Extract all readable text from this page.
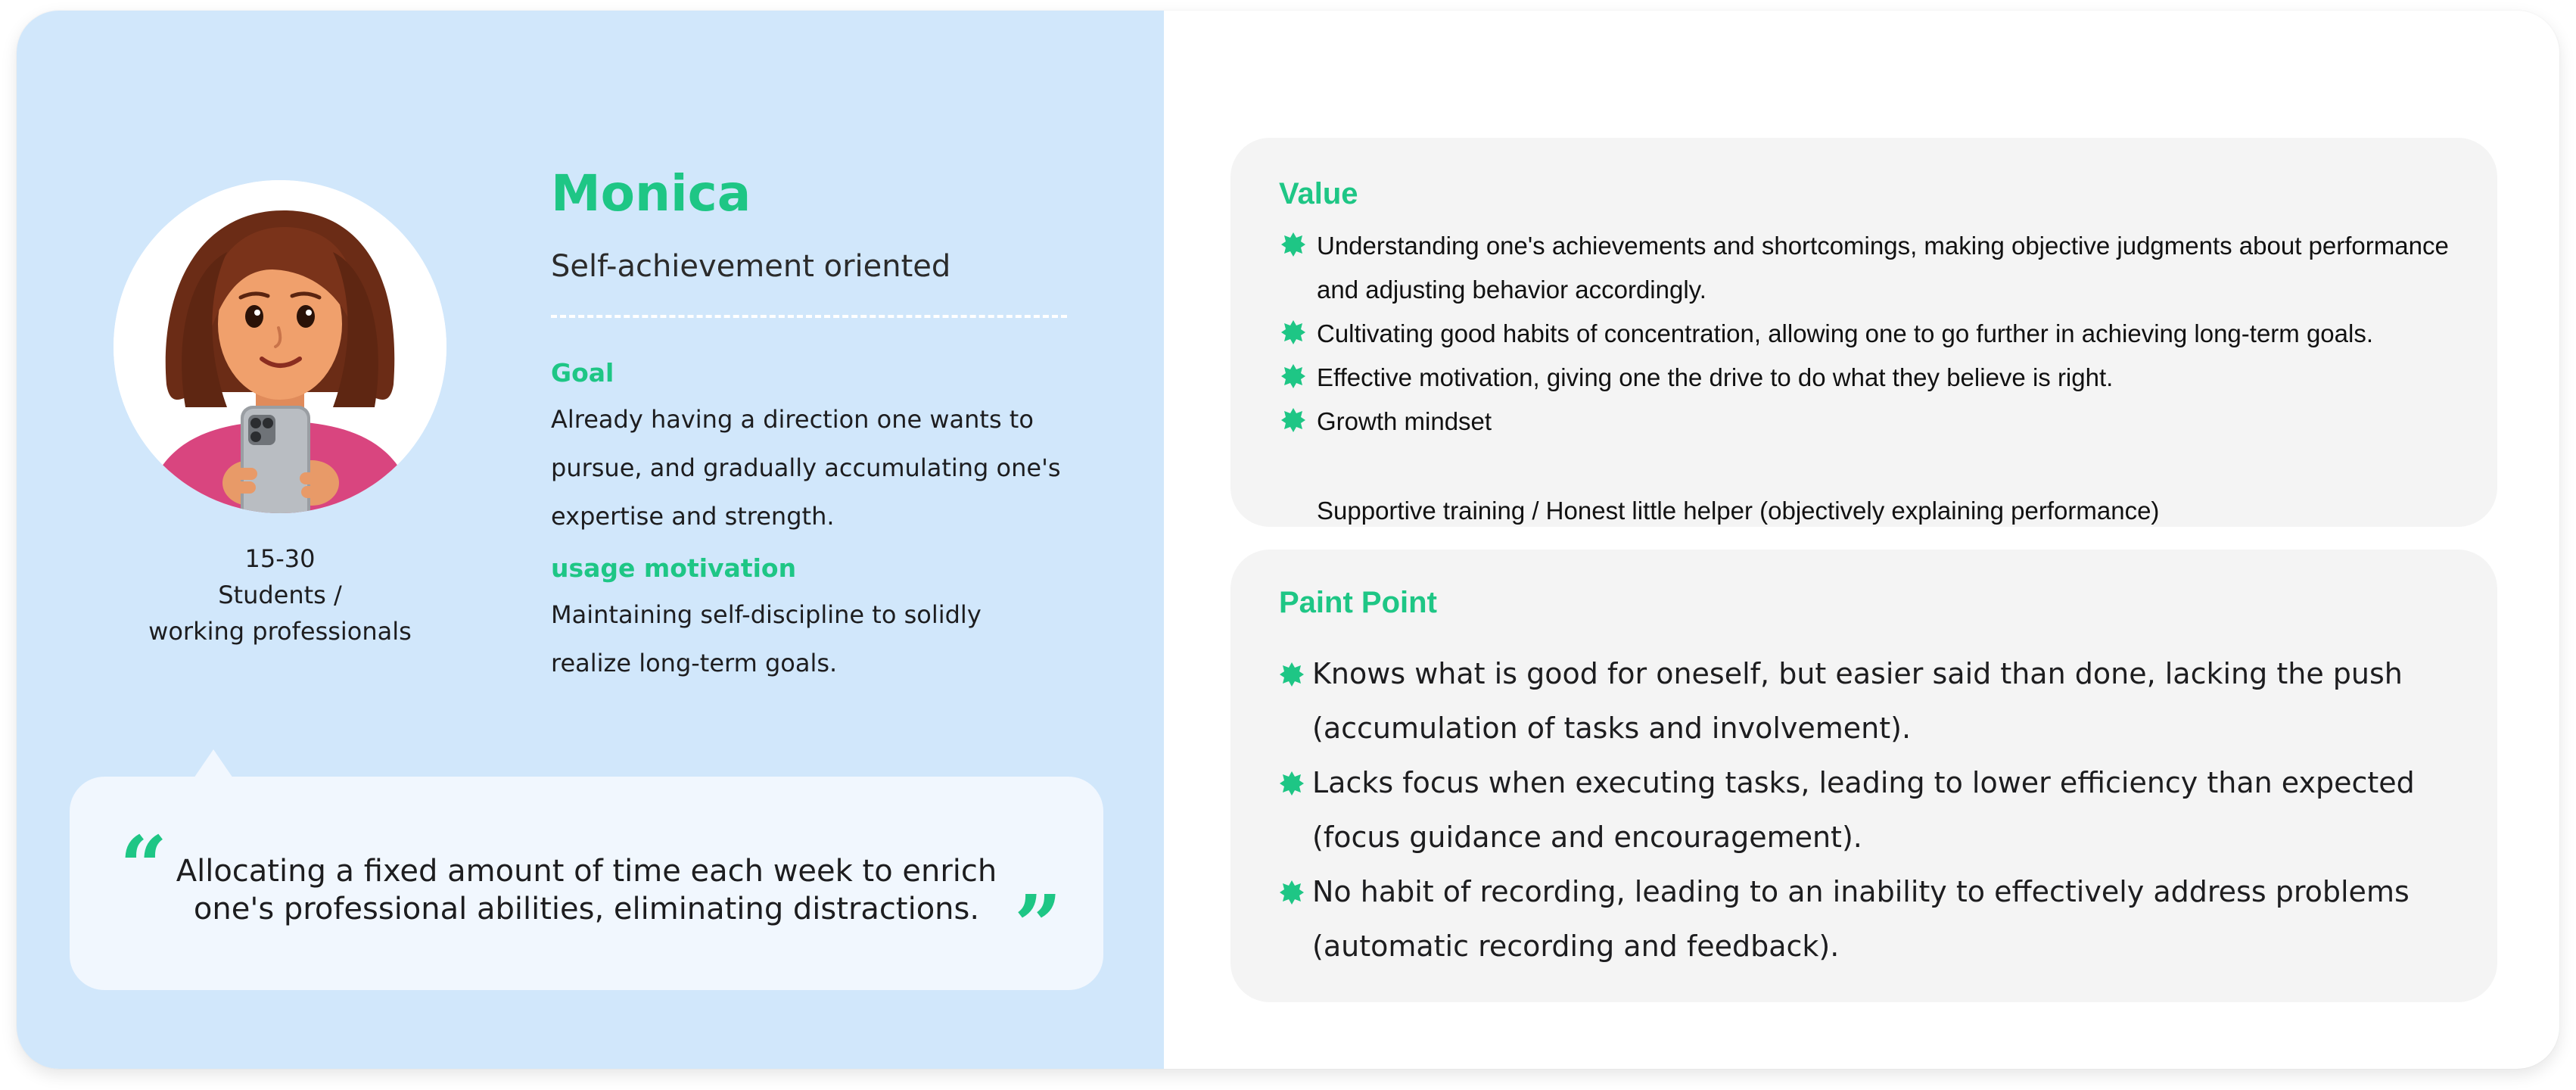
15-30
Students /
working professionals
Monica
Self-achievement oriented
Goal
Already having a direction one wants to
pursue, and gradually accumulating one's
expertise and strength.
usage motivation
Maintaining self-discipline to solidly
realize long-term goals.
“ Allocating a fixed amount of time each week to enrich
one's professional abilities, eliminating distractions. ”
Value
Understanding one's achievements and shortcomings, making objective judgments about performance and adjusting behavior accordingly.
Cultivating good habits of concentration, allowing one to go further in achieving long-term goals.
Effective motivation, giving one the drive to do what they believe is right.
Growth mindset
Supportive training / Honest little helper (objectively explaining performance)
Paint Point
Knows what is good for oneself, but easier said than done, lacking the push (accumulation of tasks and involvement).
Lacks focus when executing tasks, leading to lower efficiency than expected (focus guidance and encouragement).
No habit of recording, leading to an inability to effectively address problems (automatic recording and feedback).
